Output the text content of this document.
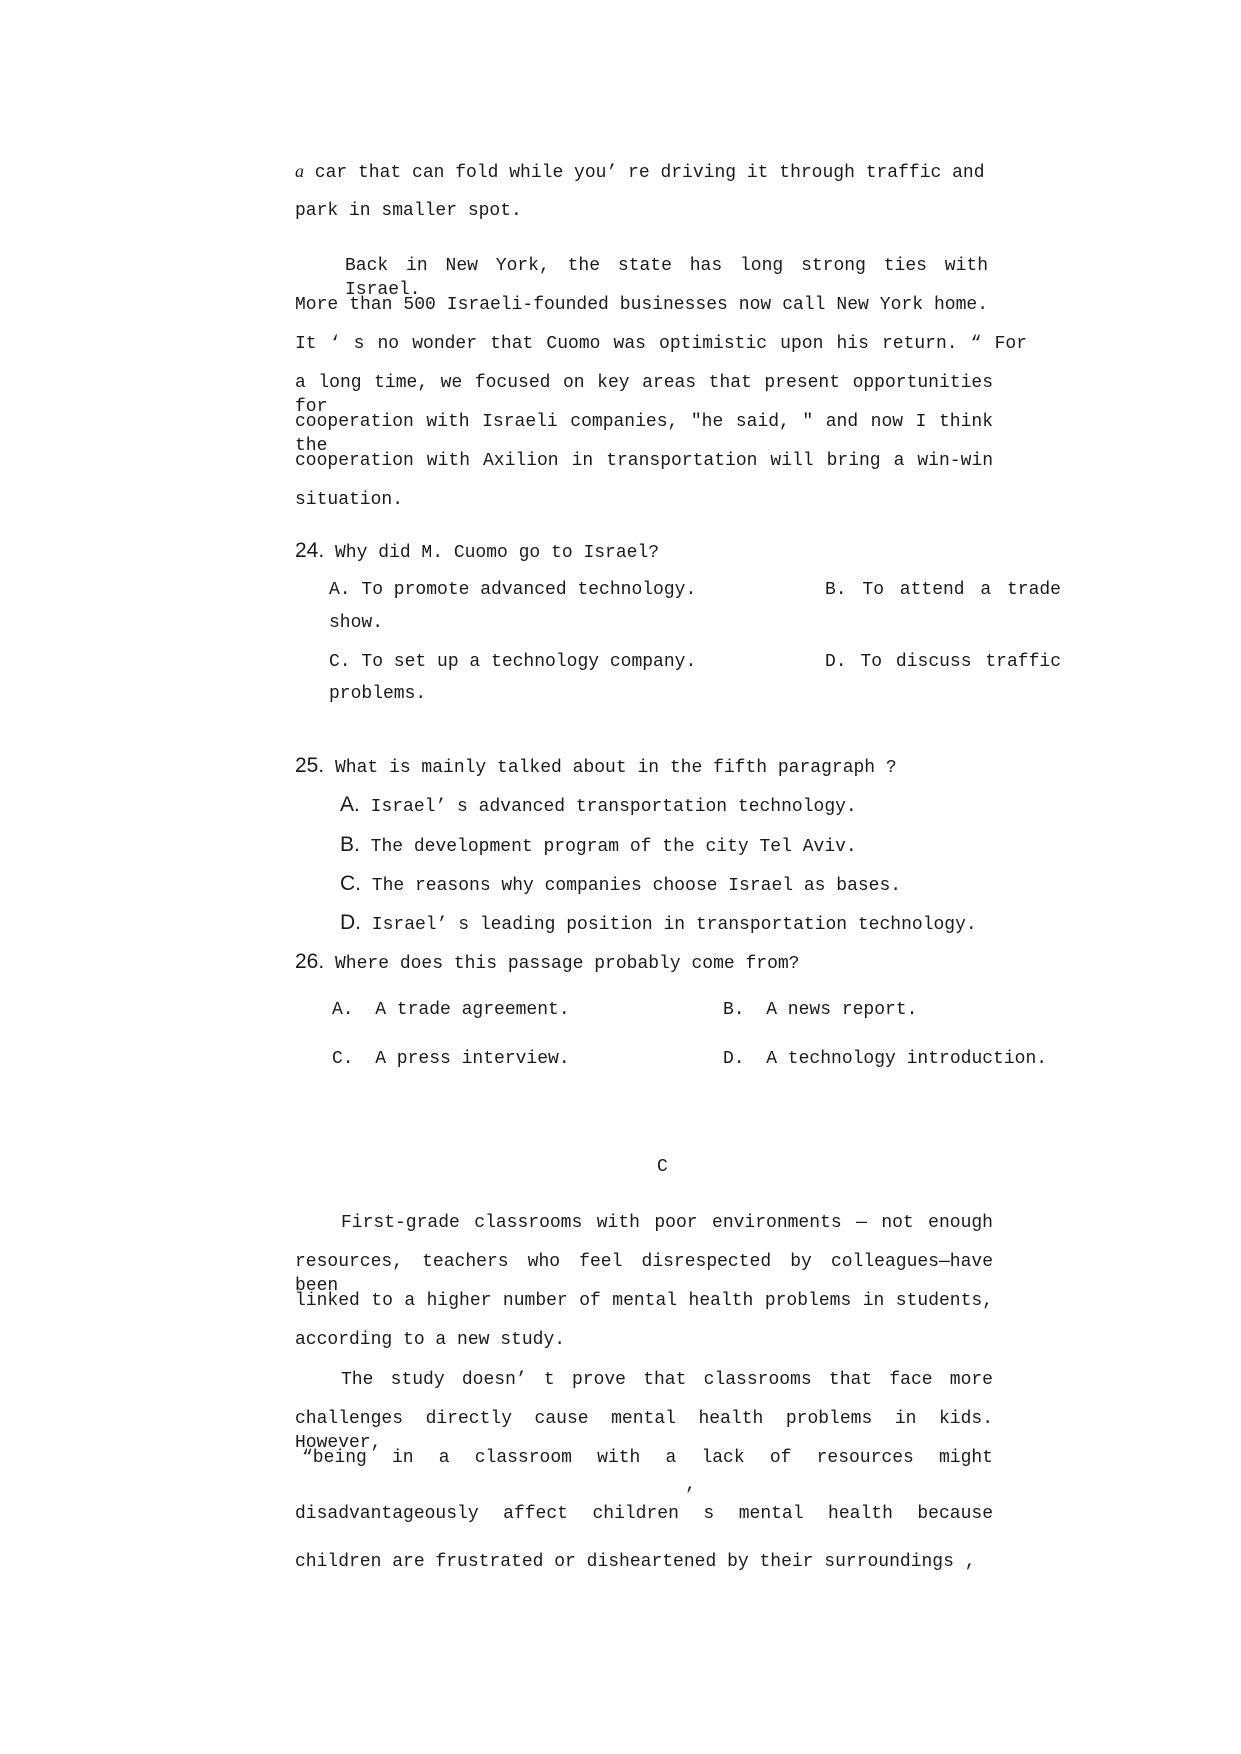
a car that can fold while you’ re driving it through traffic and
park in smaller spot.
Back in New York, the state has long strong ties with Israel.
More than 500 Israeli-founded businesses now call New York home.
It ‘ s no wonder that Cuomo was optimistic upon his return. “ For
a long time, we focused on key areas that present opportunities for
cooperation with Israeli companies, ″he said, ″ and now I think the
cooperation with Axilion in transportation will bring a win-win
situation.
24. Why did M. Cuomo go to Israel?
A. To promote advanced technology.	B. To attend a trade
show.
C. To set up a technology company.	D. To discuss traffic
problems.
25. What is mainly talked about in the fifth paragraph ?
A. Israel’ s advanced transportation technology.
B. The development program of the city Tel Aviv.
C. The reasons why companies choose Israel as bases.
D. Israel’ s leading position in transportation technology.
26. Where does this passage probably come from?
A.  A trade agreement.	B.  A news report.
C.  A press interview.	D.  A technology introduction.
C
First-grade classrooms with poor environments — not enough
resources, teachers who feel disrespected by colleagues—have been
linked to a higher number of mental health problems in students,
according to a new study.
The study doesn’ t prove that classrooms that face more
challenges directly cause mental health problems in kids. However,
“being in a classroom with a lack of resources might
’
disadvantageously affect children s mental health because
children are frustrated or disheartened by their surroundings ,
